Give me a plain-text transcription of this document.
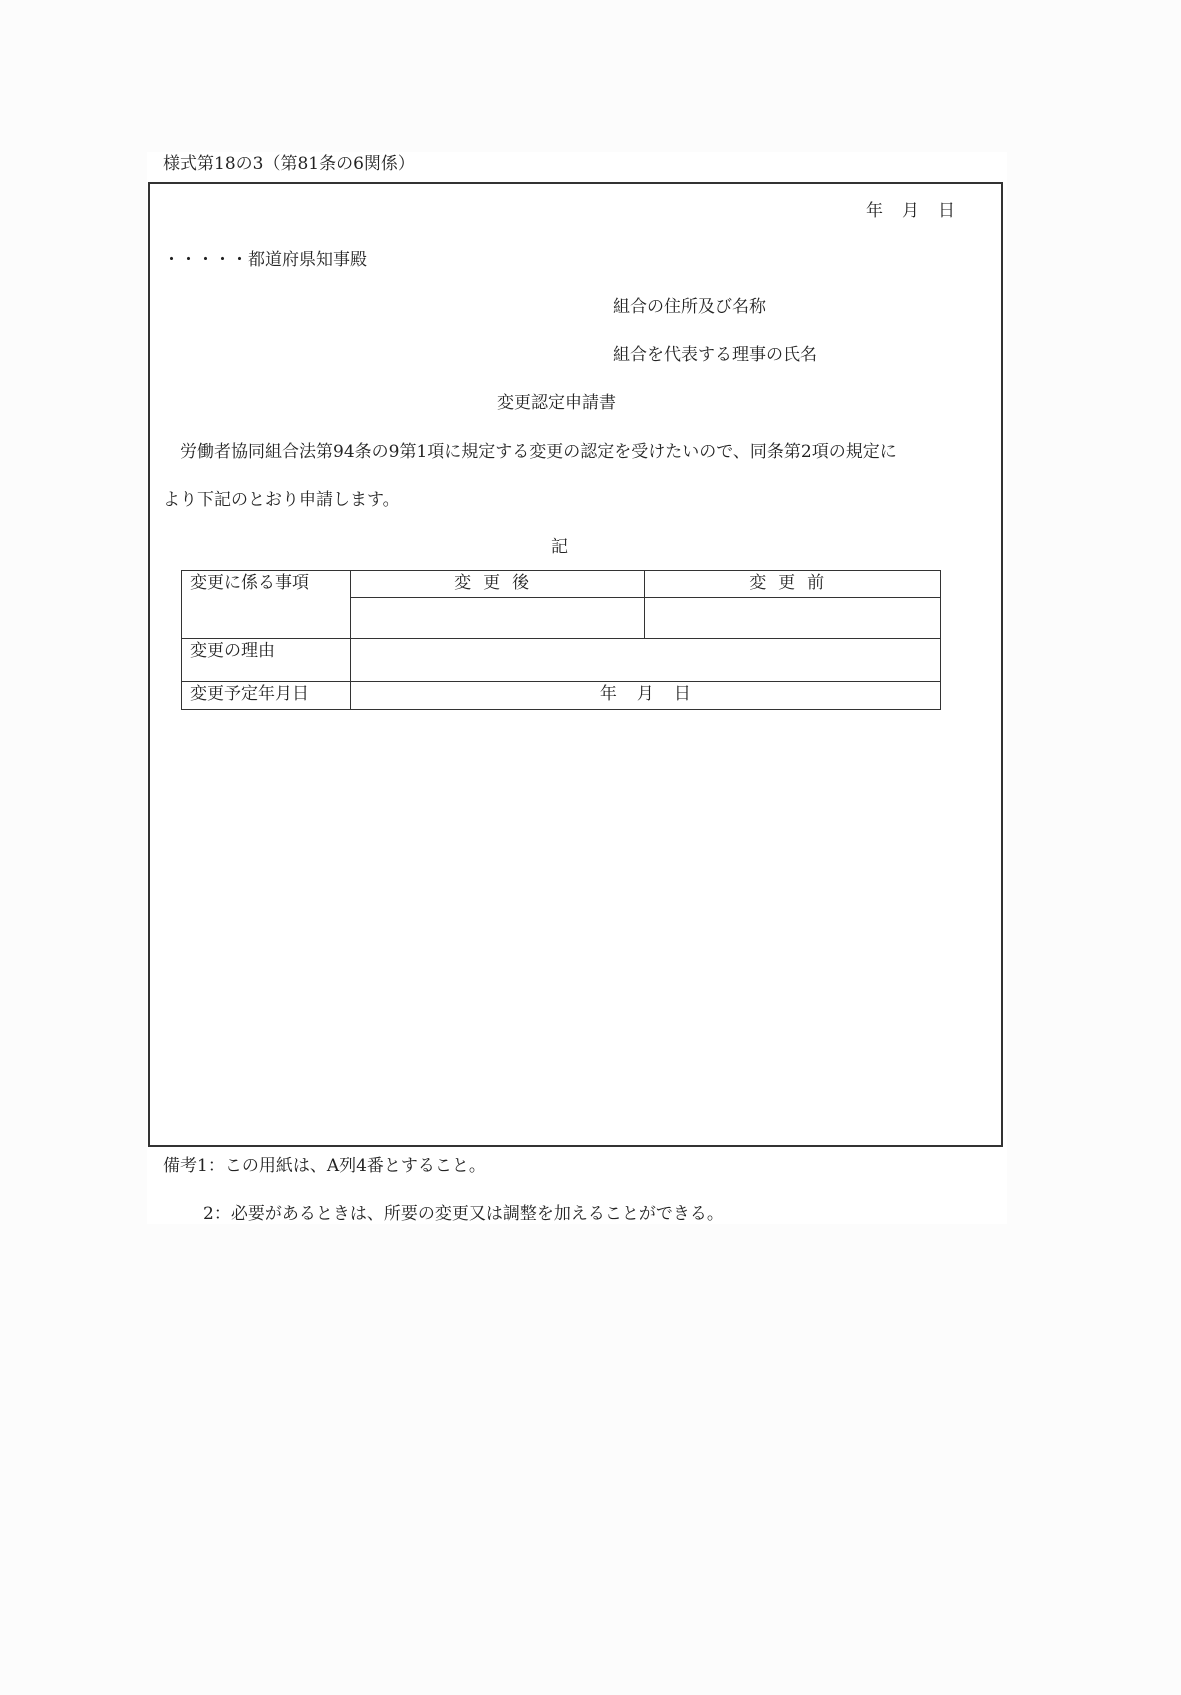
様式第18の3（第81条の6関係）
年 月 日
・・・・・都道府県知事殿
組合の住所及び名称
組合を代表する理事の氏名
変更認定申請書
　労働者協同組合法第94条の9第1項に規定する変更の認定を受けたいので、同条第2項の規定に
より下記のとおり申請します。
記
変更に係る事項	変更後	変更前

変更の理由		
変更予定年月日	年 月 日	
備考1：この用紙は、A列4番とすること。
2：必要があるときは、所要の変更又は調整を加えることができる。
